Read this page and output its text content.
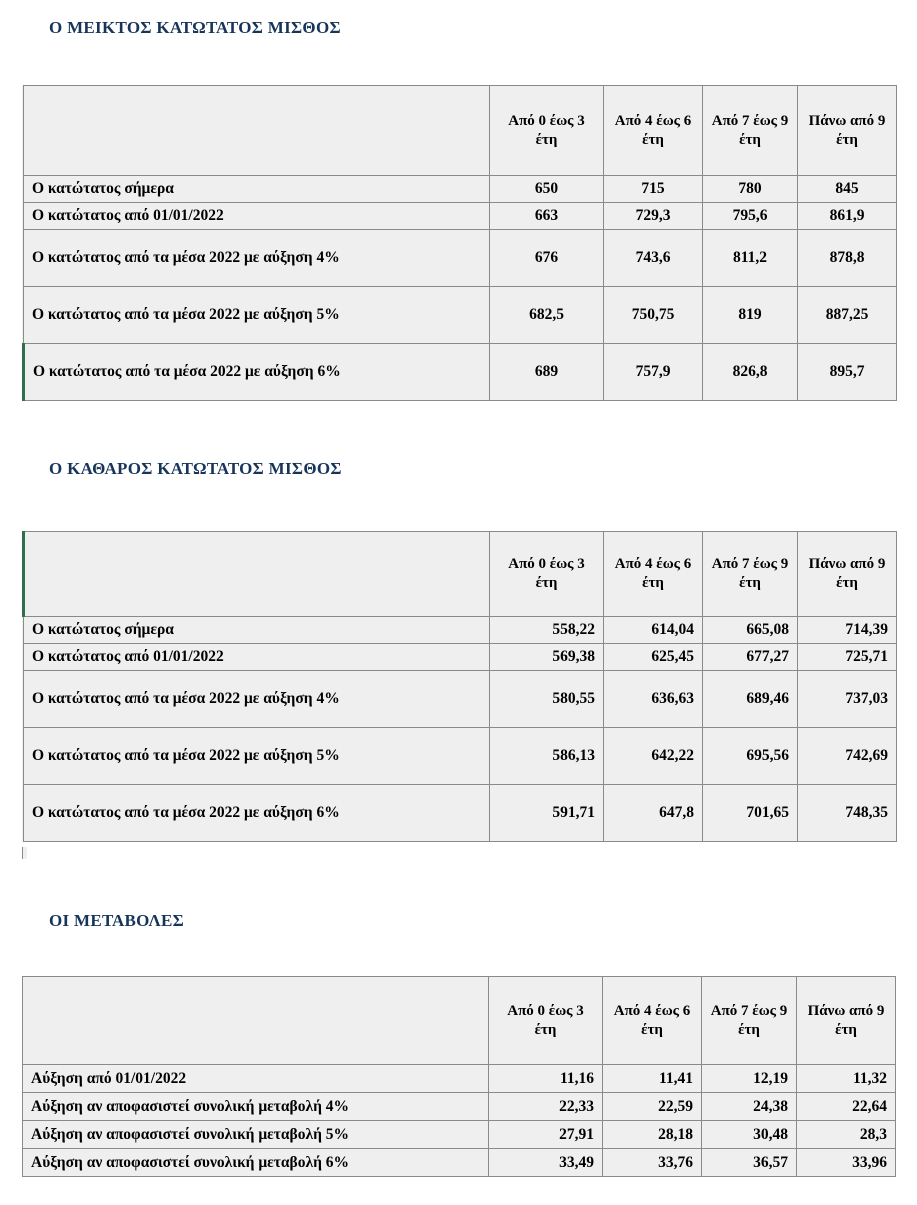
Ο ΜΕΙΚΤΟΣ ΚΑΤΩΤΑΤΟΣ ΜΙΣΘΟΣ
	Από 0 έως 3 έτη	Από 4 έως 6 έτη	Από 7 έως 9 έτη	Πάνω από 9 έτη
Ο κατώτατος σήμερα	650	715	780	845
Ο κατώτατος από 01/01/2022	663	729,3	795,6	861,9
Ο κατώτατος από τα μέσα 2022 με αύξηση 4%	676	743,6	811,2	878,8
Ο κατώτατος από τα μέσα 2022 με αύξηση 5%	682,5	750,75	819	887,25
Ο κατώτατος από τα μέσα 2022 με αύξηση 6%	689	757,9	826,8	895,7
Ο ΚΑΘΑΡΟΣ ΚΑΤΩΤΑΤΟΣ ΜΙΣΘΟΣ
	Από 0 έως 3 έτη	Από 4 έως 6 έτη	Από 7 έως 9 έτη	Πάνω από 9 έτη
Ο κατώτατος σήμερα	558,22	614,04	665,08	714,39
Ο κατώτατος από 01/01/2022	569,38	625,45	677,27	725,71
Ο κατώτατος από τα μέσα 2022 με αύξηση 4%	580,55	636,63	689,46	737,03
Ο κατώτατος από τα μέσα 2022 με αύξηση 5%	586,13	642,22	695,56	742,69
Ο κατώτατος από τα μέσα 2022 με αύξηση 6%	591,71	647,8	701,65	748,35
ΟΙ ΜΕΤΑΒΟΛΕΣ
	Από 0 έως 3 έτη	Από 4 έως 6 έτη	Από 7 έως 9 έτη	Πάνω από 9 έτη
Αύξηση από 01/01/2022	11,16	11,41	12,19	11,32
Αύξηση αν αποφασιστεί συνολική μεταβολή 4%	22,33	22,59	24,38	22,64
Αύξηση αν αποφασιστεί συνολική μεταβολή 5%	27,91	28,18	30,48	28,3
Αύξηση αν αποφασιστεί συνολική μεταβολή 6%	33,49	33,76	36,57	33,96
